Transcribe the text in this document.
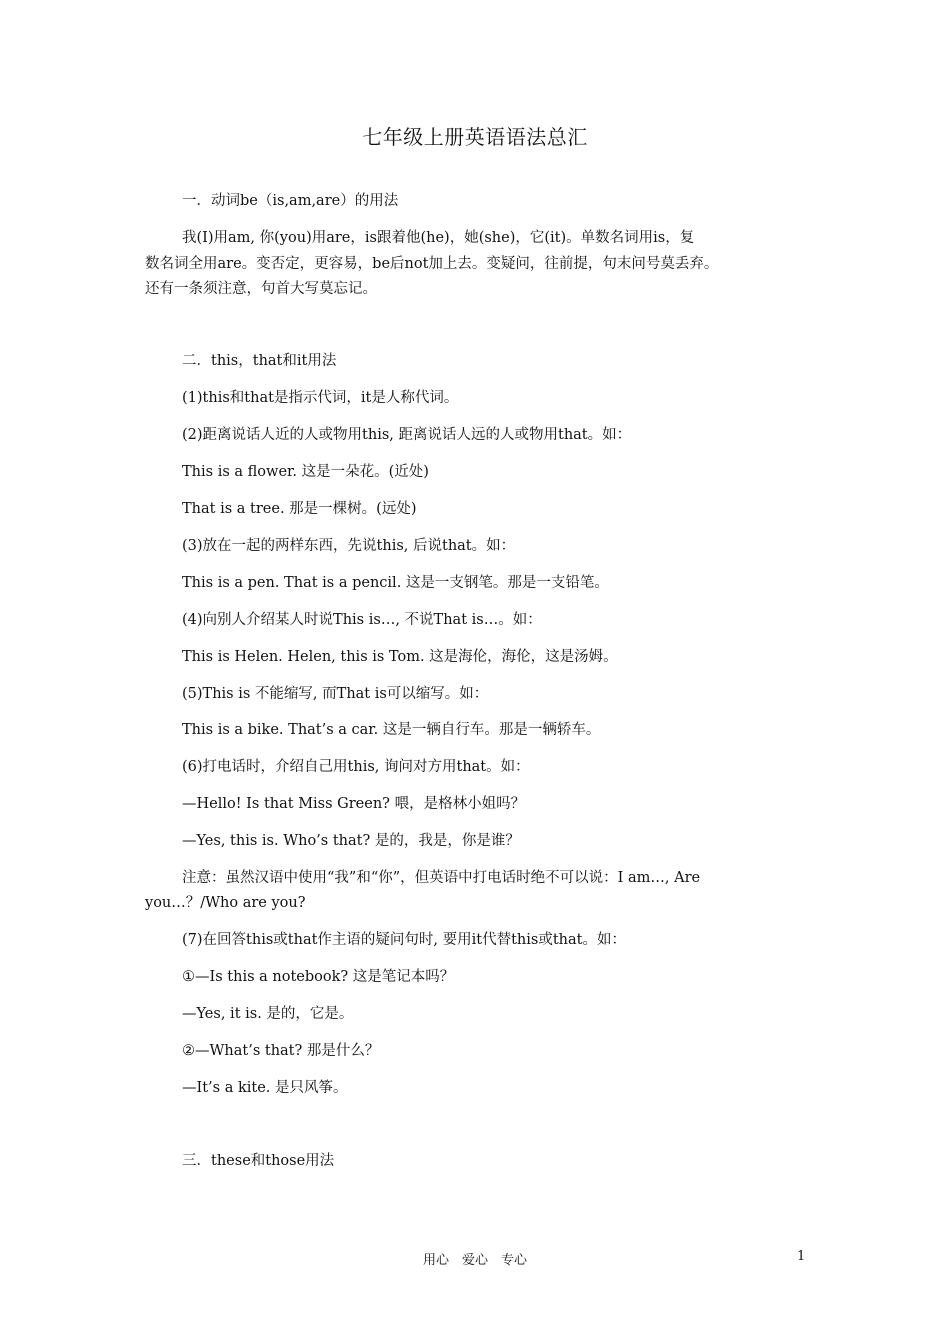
七年级上册英语语法总汇
一．动词be（is,am,are）的用法
我(I)用am, 你(you)用are，is跟着他(he)，她(she)，它(it)。单数名词用is，复
数名词全用are。变否定，更容易，be后not加上去。变疑问，往前提，句末问号莫丢弃。
还有一条须注意，句首大写莫忘记。
二．this，that和it用法
(1)this和that是指示代词，it是人称代词。
(2)距离说话人近的人或物用this, 距离说话人远的人或物用that。如：
This is a flower. 这是一朵花。(近处)
That is a tree. 那是一棵树。(远处)
(3)放在一起的两样东西，先说this, 后说that。如：
This is a pen. That is a pencil. 这是一支钢笔。那是一支铅笔。
(4)向别人介绍某人时说This is…, 不说That is…。如：
This is Helen. Helen, this is Tom. 这是海伦，海伦，这是汤姆。
(5)This is 不能缩写, 而That is可以缩写。如：
This is a bike. That’s a car. 这是一辆自行车。那是一辆轿车。
(6)打电话时，介绍自己用this, 询问对方用that。如：
—Hello! Is that Miss Green? 喂，是格林小姐吗？
—Yes, this is. Who’s that? 是的，我是，你是谁？
注意：虽然汉语中使用“我”和“你”，但英语中打电话时绝不可以说：I am…, Are
you…？/Who are you?
(7)在回答this或that作主语的疑问句时, 要用it代替this或that。如：
①—Is this a notebook? 这是笔记本吗？
—Yes, it is. 是的，它是。
②—What’s that? 那是什么？
—It’s a kite. 是只风筝。
三．these和those用法
用心　爱心　专心	1
